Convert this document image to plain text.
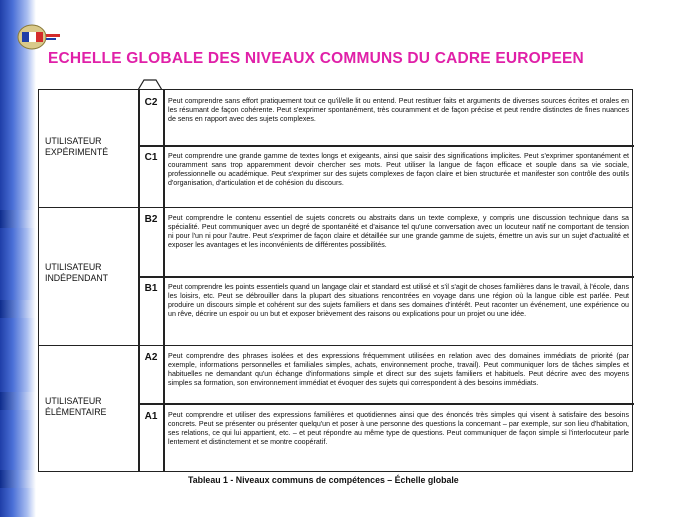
ECHELLE GLOBALE DES NIVEAUX COMMUNS DU CADRE EUROPEEN
UTILISATEUR
EXPÉRIMENTÉ
C2	Peut comprendre sans effort pratiquement tout ce qu'il/elle lit ou entend. Peut restituer faits et arguments de diverses sources écrites et orales en les résumant de façon cohérente. Peut s'exprimer spontanément, très couramment et de façon précise et peut rendre distinctes de fines nuances de sens en rapport avec des sujets complexes.
C1	Peut comprendre une grande gamme de textes longs et exigeants, ainsi que saisir des significations implicites. Peut s'exprimer spontanément et couramment sans trop apparemment devoir chercher ses mots. Peut utiliser la langue de façon efficace et souple dans sa vie sociale, professionnelle ou académique. Peut s'exprimer sur des sujets complexes de façon claire et bien structurée et manifester son contrôle des outils d'organisation, d'articulation et de cohésion du discours.
UTILISATEUR
INDÉPENDANT
B2	Peut comprendre le contenu essentiel de sujets concrets ou abstraits dans un texte complexe, y compris une discussion technique dans sa spécialité. Peut communiquer avec un degré de spontanéité et d'aisance tel qu'une conversation avec un locuteur natif ne comportant de tension ni pour l'un ni pour l'autre. Peut s'exprimer de façon claire et détaillée sur une grande gamme de sujets, émettre un avis sur un sujet d'actualité et exposer les avantages et les inconvénients de différentes possibilités.
B1	Peut comprendre les points essentiels quand un langage clair et standard est utilisé et s'il s'agit de choses familières dans le travail, à l'école, dans les loisirs, etc. Peut se débrouiller dans la plupart des situations rencontrées en voyage dans une région où la langue cible est parlée. Peut produire un discours simple et cohérent sur des sujets familiers et dans ses domaines d'intérêt. Peut raconter un événement, une expérience ou un rêve, décrire un espoir ou un but et exposer brièvement des raisons ou explications pour un projet ou une idée.
UTILISATEUR
ÉLÉMENTAIRE
A2	Peut comprendre des phrases isolées et des expressions fréquemment utilisées en relation avec des domaines immédiats de priorité (par exemple, informations personnelles et familiales simples, achats, environnement proche, travail). Peut communiquer lors de tâches simples et habituelles ne demandant qu'un échange d'informations simple et direct sur des sujets familiers et habituels. Peut décrire avec des moyens simples sa formation, son environnement immédiat et évoquer des sujets qui correspondent à des besoins immédiats.
A1	Peut comprendre et utiliser des expressions familières et quotidiennes ainsi que des énoncés très simples qui visent à satisfaire des besoins concrets. Peut se présenter ou présenter quelqu'un et poser à une personne des questions la concernant – par exemple, sur son lieu d'habitation, ses relations, ce qui lui appartient, etc. – et peut répondre au même type de questions. Peut communiquer de façon simple si l'interlocuteur parle lentement et distinctement et se montre coopératif.
Tableau 1 - Niveaux communs de compétences – Échelle globale
